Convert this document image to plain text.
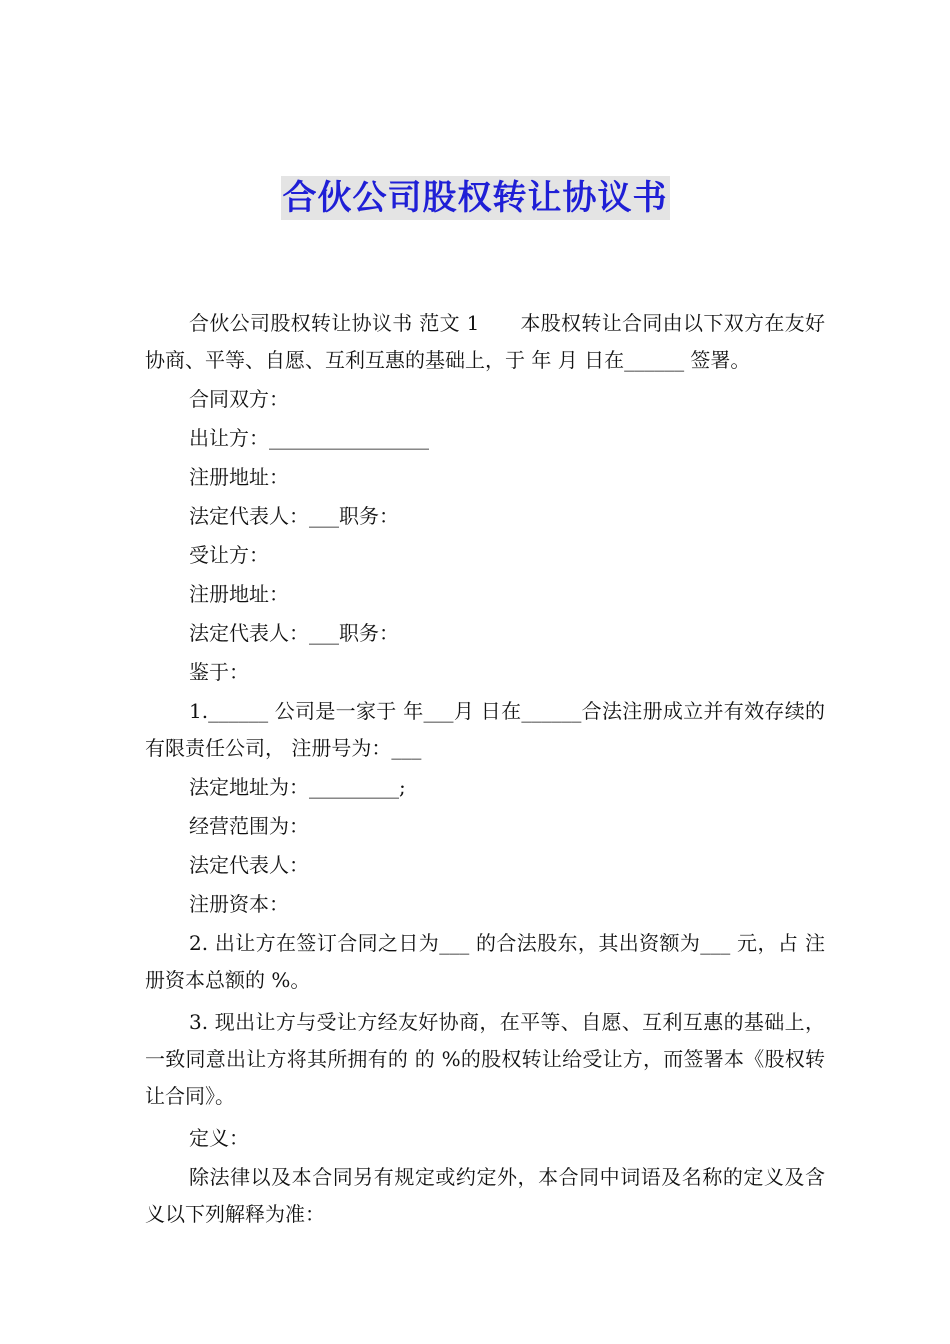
合伙公司股权转让协议书

合伙公司股权转让协议书 范文 1　　本股权转让合同由以下双方在友好协商、平等、自愿、互利互惠的基础上，于 年 月 日在______ 签署。

合同双方：

出让方：________________

注册地址：

法定代表人：___职务：

受让方：

注册地址：

法定代表人：___职务：

鉴于：

1.______ 公司是一家于 年___月 日在______合法注册成立并有效存续的有限责任公司， 注册号为：___

法定地址为：_________;

经营范围为：

法定代表人：

注册资本：

2. 出让方在签订合同之日为___ 的合法股东，其出资额为___ 元，占 注册资本总额的 %。

3. 现出让方与受让方经友好协商，在平等、自愿、互利互惠的基础上，一致同意出让方将其所拥有的 的 %的股权转让给受让方，而签署本《股权转让合同》。

定义：

除法律以及本合同另有规定或约定外，本合同中词语及名称的定义及含义以下列解释为准：
